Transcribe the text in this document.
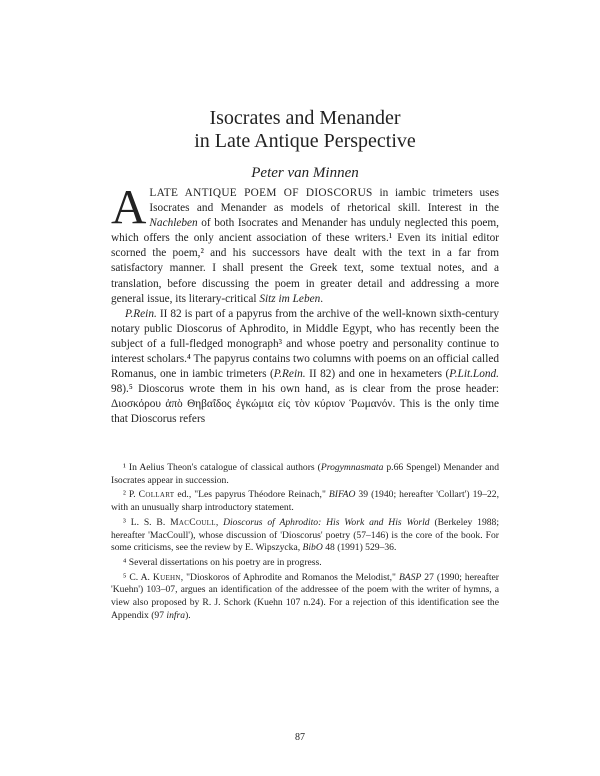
Isocrates and Menander
in Late Antique Perspective

Peter van Minnen

ALATE ANTIQUE POEM OF DIOSCORUS in iambic trimeters uses Isocrates and Menander as models of rhetorical skill. Interest in the Nachleben of both Isocrates and Menander has unduly neglected this poem, which offers the only ancient association of these writers.¹ Even its initial editor scorned the poem,² and his successors have dealt with the text in a far from satisfactory manner. I shall present the Greek text, some textual notes, and a translation, before discussing the poem in greater detail and addressing a more general issue, its literary-critical Sitz im Leben.

P.Rein. II 82 is part of a papyrus from the archive of the well-known sixth-century notary public Dioscorus of Aphrodito, in Middle Egypt, who has recently been the subject of a full-fledged monograph³ and whose poetry and personality continue to interest scholars.⁴ The papyrus contains two columns with poems on an official called Romanus, one in iambic trimeters (P.Rein. II 82) and one in hexameters (P.Lit.Lond. 98).⁵ Dioscorus wrote them in his own hand, as is clear from the prose header: Διοσκόρου ἀπὸ Θηβαΐδος ἐγκώμια εἰς τὸν κύριον Ῥωμανόν. This is the only time that Dioscorus refers

¹ In Aelius Theon's catalogue of classical authors (Progymnasmata p.66 Spengel) Menander and Isocrates appear in succession.

² P. Collart ed., "Les papyrus Théodore Reinach," BIFAO 39 (1940; hereafter 'Collart') 19–22, with an unusually sharp introductory statement.

³ L. S. B. MacCoull, Dioscorus of Aphrodito: His Work and His World (Berkeley 1988; hereafter 'MacCoull'), whose discussion of 'Dioscorus' poetry (57–146) is the core of the book. For some criticisms, see the review by E. Wipszycka, BibO 48 (1991) 529–36.

⁴ Several dissertations on his poetry are in progress.

⁵ C. A. Kuehn, "Dioskoros of Aphrodite and Romanos the Melodist," BASP 27 (1990; hereafter 'Kuehn') 103–07, argues an identification of the addressee of the poem with the writer of hymns, a view also proposed by R. J. Schork (Kuehn 107 n.24). For a rejection of this identification see the Appendix (97 infra).

87
